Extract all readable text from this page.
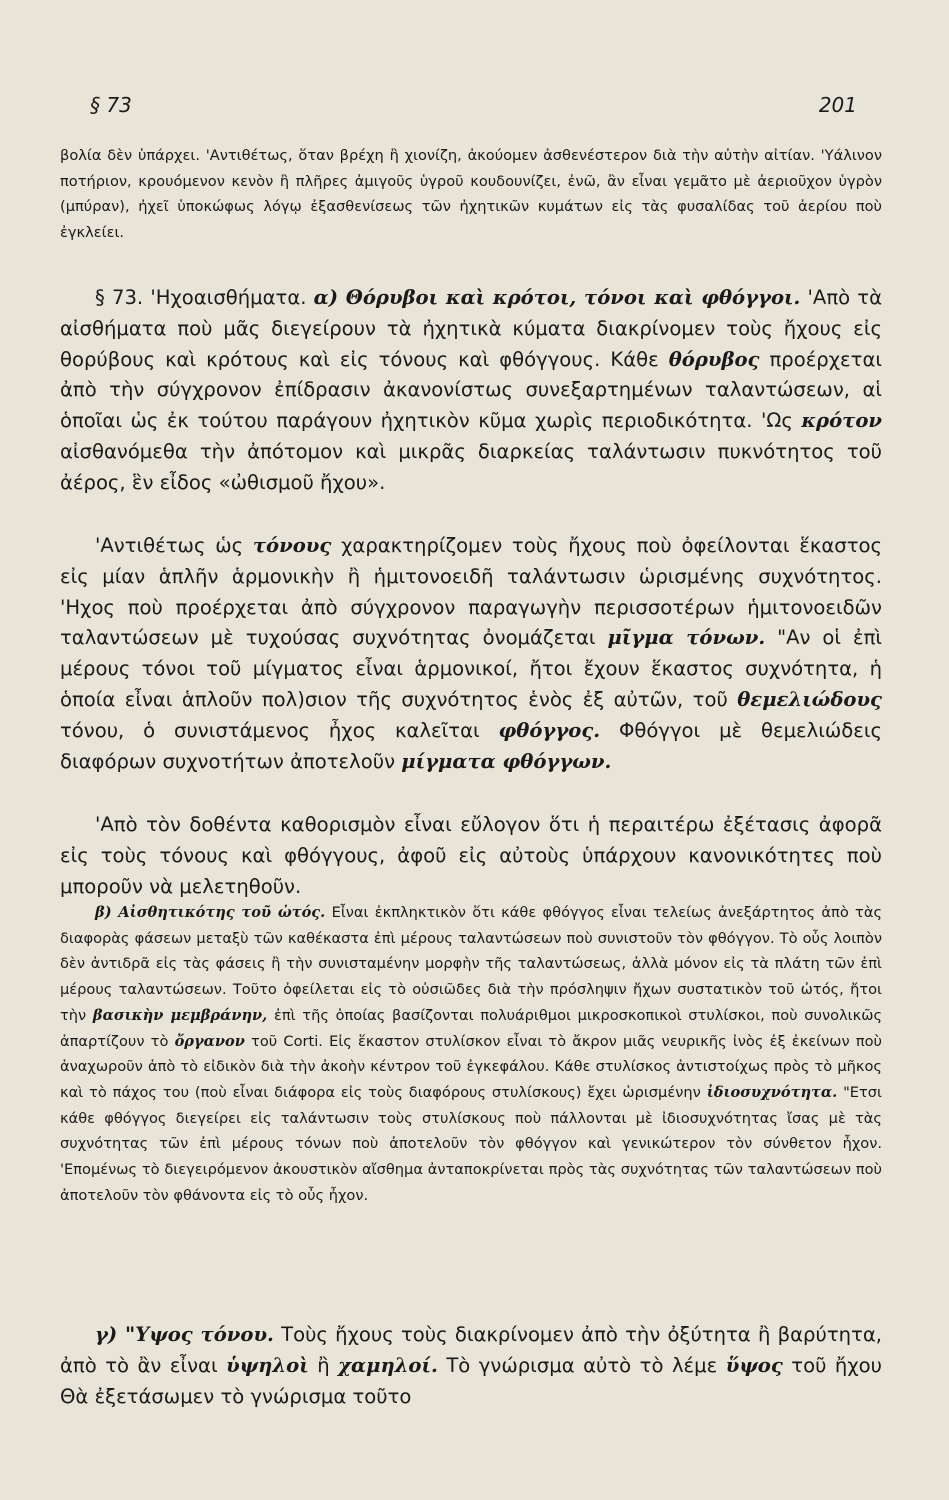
§ 73	201

βολία δὲν ὑπάρχει. 'Αντιθέτως, ὅταν βρέχη ἢ χιονίζη, ἀκούομεν ἀσθενέστερον διὰ τὴν αὐτὴν αἰτίαν. 'Υάλινον ποτήριον, κρουόμενον κενὸν ἢ πλῆρες ἀμιγοῦς ὑγροῦ κουδουνίζει, ἐνῶ, ἂν εἶναι γεμᾶτο μὲ ἀεριοῦχον ὑγρὸν (μπύραν), ἠχεῖ ὑποκώφως λόγῳ ἐξασθενίσεως τῶν ἠχητικῶν κυμάτων εἰς τὰς φυσαλίδας τοῦ ἀερίου ποὺ ἐγκλείει.

§ 73. 'Ηχοαισθήματα. α) Θόρυβοι καὶ κρότοι, τόνοι καὶ φθόγγοι. 'Απὸ τὰ αἰσθήματα ποὺ μᾶς διεγείρουν τὰ ἠχητικὰ κύματα διακρίνομεν τοὺς ἤχους εἰς θορύβους καὶ κρότους καὶ εἰς τόνους καὶ φθόγγους. Κάθε θόρυβος προέρχεται ἀπὸ τὴν σύγχρονον ἐπίδρασιν ἀκανονίστως συνεξαρτημένων ταλαντώσεων, αἱ ὁποῖαι ὡς ἐκ τούτου παράγουν ἠχητικὸν κῦμα χωρὶς περιοδικότητα. 'Ως κρότον αἰσθανόμεθα τὴν ἀπότομον καὶ μικρᾶς διαρκείας ταλάντωσιν πυκνότητος τοῦ ἀέρος, ἓν εἶδος «ὠθισμοῦ ἤχου».

'Αντιθέτως ὡς τόνους χαρακτηρίζομεν τοὺς ἤχους ποὺ ὀφείλονται ἕκαστος εἰς μίαν ἁπλῆν ἁρμονικὴν ἢ ἡμιτονοειδῆ ταλάντωσιν ὡρισμένης συχνότητος. 'Ηχος ποὺ προέρχεται ἀπὸ σύγχρονον παραγωγὴν περισσοτέρων ἡμιτονοειδῶν ταλαντώσεων μὲ τυχούσας συχνότητας ὀνομάζεται μῖγμα τόνων. "Αν οἱ ἐπὶ μέρους τόνοι τοῦ μίγματος εἶναι ἁρμονικοί, ἤτοι ἔχουν ἕκαστος συχνότητα, ἡ ὁποία εἶναι ἁπλοῦν πολ)σιον τῆς συχνότητος ἑνὸς ἐξ αὐτῶν, τοῦ θεμελιώδους τόνου, ὁ συνιστάμενος ἦχος καλεῖται φθόγγος. Φθόγγοι μὲ θεμελιώδεις διαφόρων συχνοτήτων ἀποτελοῦν μίγματα φθόγγων.

'Απὸ τὸν δοθέντα καθορισμὸν εἶναι εὔλογον ὅτι ἡ περαιτέρω ἐξέτασις ἀφορᾶ εἰς τοὺς τόνους καὶ φθόγγους, ἀφοῦ εἰς αὐτοὺς ὑπάρχουν κανονικότητες ποὺ μποροῦν νὰ μελετηθοῦν.

β) Αἰσθητικότης τοῦ ὠτός. Εἶναι ἐκπληκτικὸν ὅτι κάθε φθόγγος εἶναι τελείως ἀνεξάρτητος ἀπὸ τὰς διαφορὰς φάσεων μεταξὺ τῶν καθέκαστα ἐπὶ μέρους ταλαντώσεων ποὺ συνιστοῦν τὸν φθόγγον. Τὸ οὖς λοιπὸν δὲν ἀντιδρᾶ εἰς τὰς φάσεις ἢ τὴν συνισταμένην μορφὴν τῆς ταλαντώσεως, ἀλλὰ μόνον εἰς τὰ πλάτη τῶν ἐπὶ μέρους ταλαντώσεων. Τοῦτο ὀφείλεται εἰς τὸ οὐσιῶδες διὰ τὴν πρόσληψιν ἤχων συστατικὸν τοῦ ὠτός, ἤτοι τὴν βασικὴν μεμβράνην, ἐπὶ τῆς ὁποίας βασίζονται πολυάριθμοι μικροσκοπικοὶ στυλίσκοι, ποὺ συνολικῶς ἀπαρτίζουν τὸ ὄργανον τοῦ Corti. Εἰς ἕκαστον στυλίσκον εἶναι τὸ ἄκρον μιᾶς νευρικῆς ἰνὸς ἐξ ἐκείνων ποὺ ἀναχωροῦν ἀπὸ τὸ εἰδικὸν διὰ τὴν ἀκοὴν κέντρον τοῦ ἐγκεφάλου. Κάθε στυλίσκος ἀντιστοίχως πρὸς τὸ μῆκος καὶ τὸ πάχος του (ποὺ εἶναι διάφορα εἰς τοὺς διαφόρους στυλίσκους) ἔχει ὡρισμένην ἰδιοσυχνότητα. "Ετσι κάθε φθόγγος διεγείρει εἰς ταλάντωσιν τοὺς στυλίσκους ποὺ πάλλονται μὲ ἰδιοσυχνότητας ἴσας μὲ τὰς συχνότητας τῶν ἐπὶ μέρους τόνων ποὺ ἀποτελοῦν τὸν φθόγγον καὶ γενικώτερον τὸν σύνθετον ἦχον. 'Επομένως τὸ διεγειρόμενον ἀκουστικὸν αἴσθημα ἀνταποκρίνεται πρὸς τὰς συχνότητας τῶν ταλαντώσεων ποὺ ἀποτελοῦν τὸν φθάνοντα εἰς τὸ οὖς ἦχον.

γ) "Υψος τόνου. Τοὺς ἤχους τοὺς διακρίνομεν ἀπὸ τὴν ὀξύτητα ἢ βαρύτητα, ἀπὸ τὸ ἂν εἶναι ὑψηλοὶ ἢ χαμηλοί. Τὸ γνώρισμα αὐτὸ τὸ λέμε ὕψος τοῦ ἤχου Θὰ ἐξετάσωμεν τὸ γνώρισμα τοῦτο
